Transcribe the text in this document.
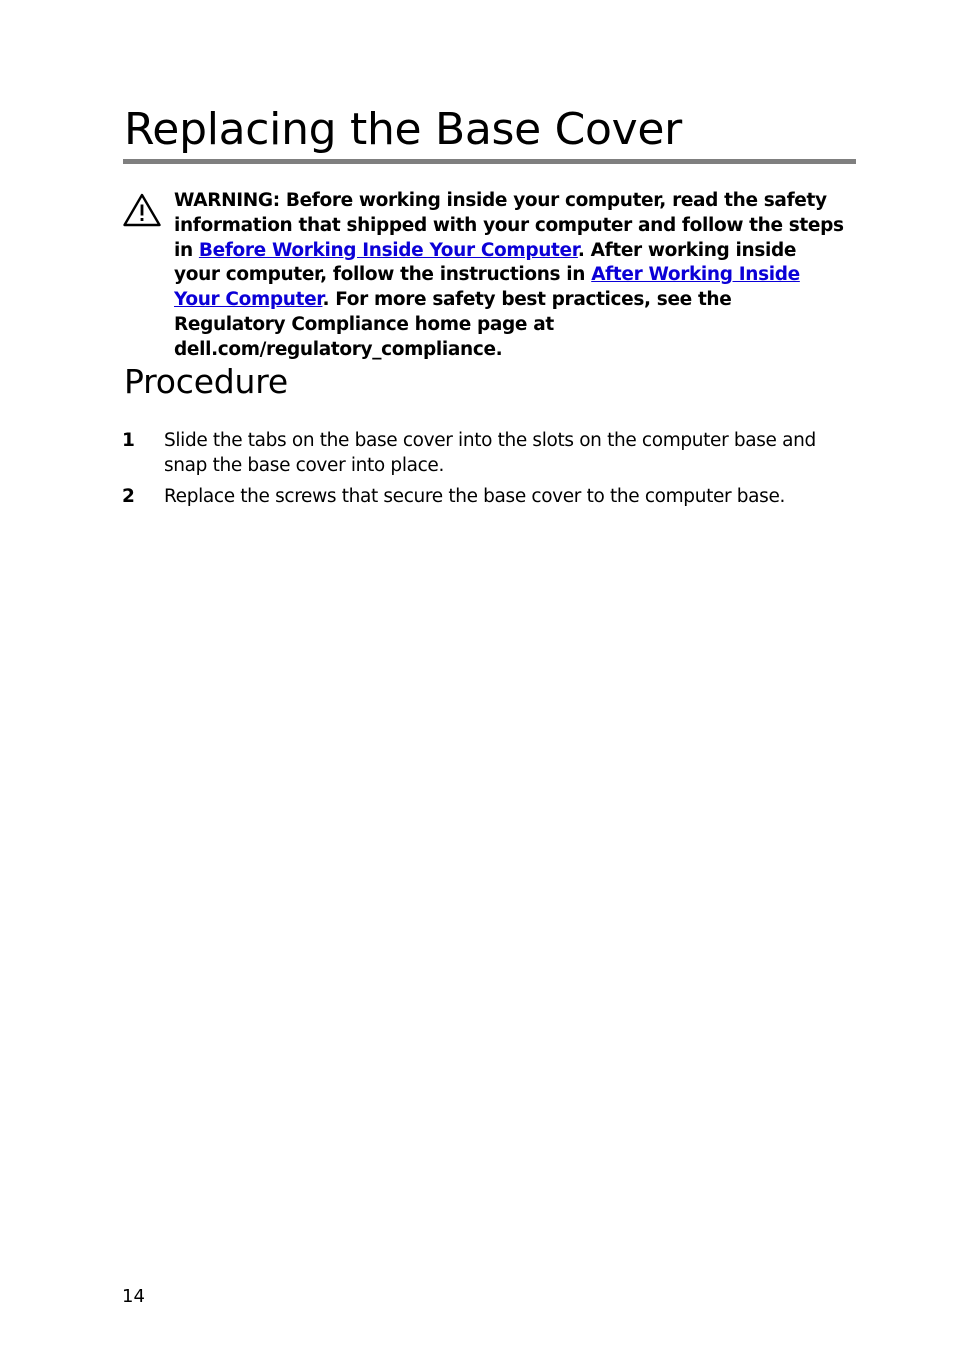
Replacing the Base Cover

WARNING: Before working inside your computer, read the safety information that shipped with your computer and follow the steps in Before Working Inside Your Computer. After working inside your computer, follow the instructions in After Working Inside Your Computer. For more safety best practices, see the Regulatory Compliance home page at dell.com/regulatory_compliance.

Procedure
1 Slide the tabs on the base cover into the slots on the computer base and snap the base cover into place.
2 Replace the screws that secure the base cover to the computer base.
14
